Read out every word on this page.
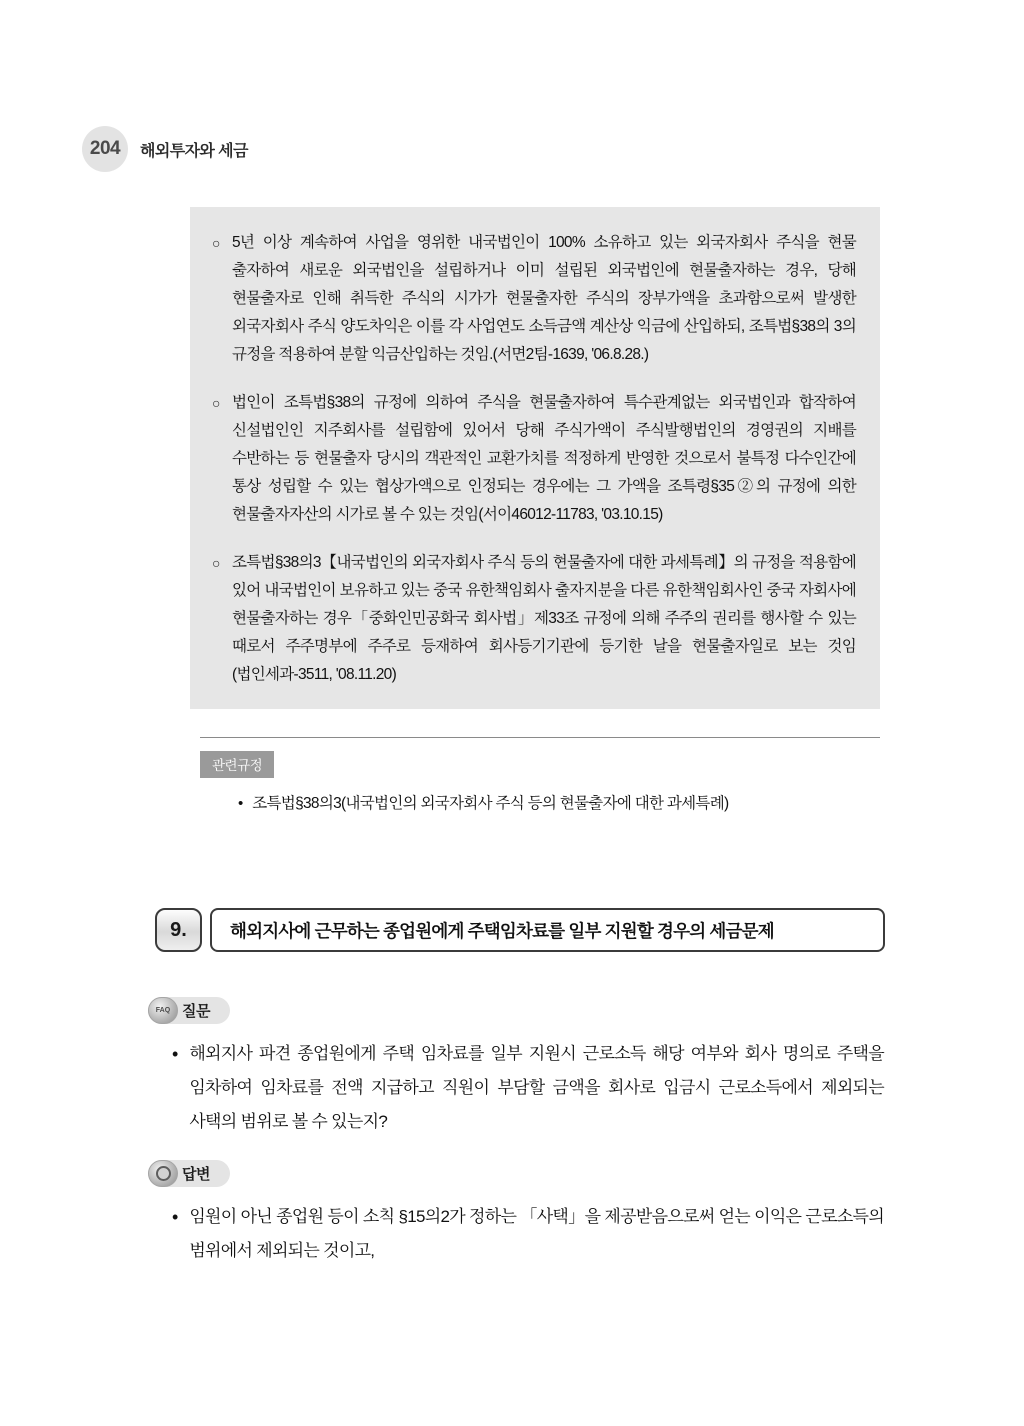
204	해외투자와 세금
○ 5년 이상 계속하여 사업을 영위한 내국법인이 100% 소유하고 있는 외국자회사 주식을 현물 출자하여 새로운 외국법인을 설립하거나 이미 설립된 외국법인에 현물출자하는 경우, 당해 현물출자로 인해 취득한 주식의 시가가 현물출자한 주식의 장부가액을 초과함으로써 발생한 외국자회사 주식 양도차익은 이를 각 사업연도 소득금액 계산상 익금에 산입하되, 조특법§38의 3의 규정을 적용하여 분할 익금산입하는 것임.(서면2팀-1639, '06.8.28.)
○ 법인이 조특법§38의 규정에 의하여 주식을 현물출자하여 특수관계없는 외국법인과 합작하여 신설법인인 지주회사를 설립함에 있어서 당해 주식가액이 주식발행법인의 경영권의 지배를 수반하는 등 현물출자 당시의 객관적인 교환가치를 적정하게 반영한 것으로서 불특정 다수인간에 통상 성립할 수 있는 협상가액으로 인정되는 경우에는 그 가액을 조특령§35②의 규정에 의한 현물출자자산의 시가로 볼 수 있는 것임(서이46012-11783, '03.10.15)
○ 조특법§38의3【내국법인의 외국자회사 주식 등의 현물출자에 대한 과세특례】의 규정을 적용함에 있어 내국법인이 보유하고 있는 중국 유한책임회사 출자지분을 다른 유한책임회사인 중국 자회사에 현물출자하는 경우「중화인민공화국 회사법」제33조 규정에 의해 주주의 권리를 행사할 수 있는 때로서 주주명부에 주주로 등재하여 회사등기기관에 등기한 날을 현물출자일로 보는 것임(법인세과-3511, '08.11.20)
관련규정
• 조특법§38의3(내국법인의 외국자회사 주식 등의 현물출자에 대한 과세특례)
9.	해외지사에 근무하는 종업원에게 주택임차료를 일부 지원할 경우의 세금문제
질문
FAQ
• 해외지사 파견 종업원에게 주택 임차료를 일부 지원시 근로소득 해당 여부와 회사 명의로 주택을 임차하여 임차료를 전액 지급하고 직원이 부담할 금액을 회사로 입금시 근로소득에서 제외되는 사택의 범위로 볼 수 있는지?
답변
• 임원이 아닌 종업원 등이 소칙 §15의2가 정하는 「사택」을 제공받음으로써 얻는 이익은 근로소득의 범위에서 제외되는 것이고,
